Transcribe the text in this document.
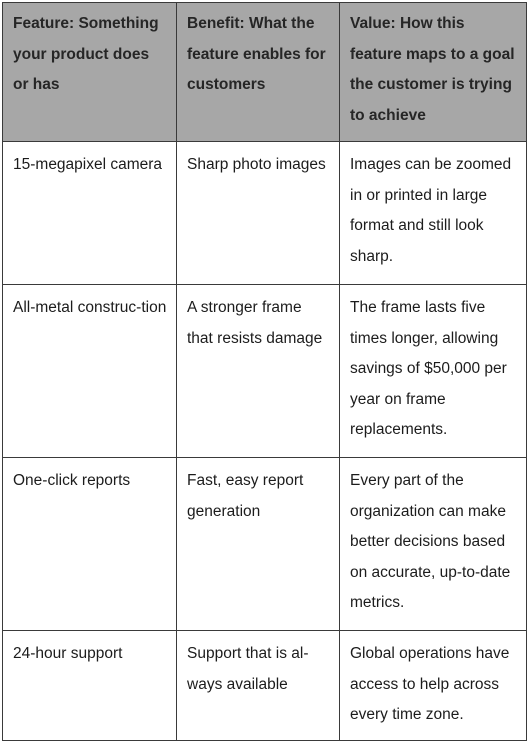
Feature: Something your product does or has	Benefit: What the feature enables for customers	Value: How this feature maps to a goal the customer is trying to achieve
15-megapixel camera	Sharp photo images	Images can be zoomed in or printed in large format and still look sharp.
All-metal construc-tion	A stronger frame that resists damage	The frame lasts five times longer, allowing savings of $50,000 per year on frame replacements.
One-click reports	Fast, easy report generation	Every part of the organization can make better decisions based on accurate, up-to-date metrics.
24-hour support	Support that is al-ways available	Global operations have access to help across every time zone.
